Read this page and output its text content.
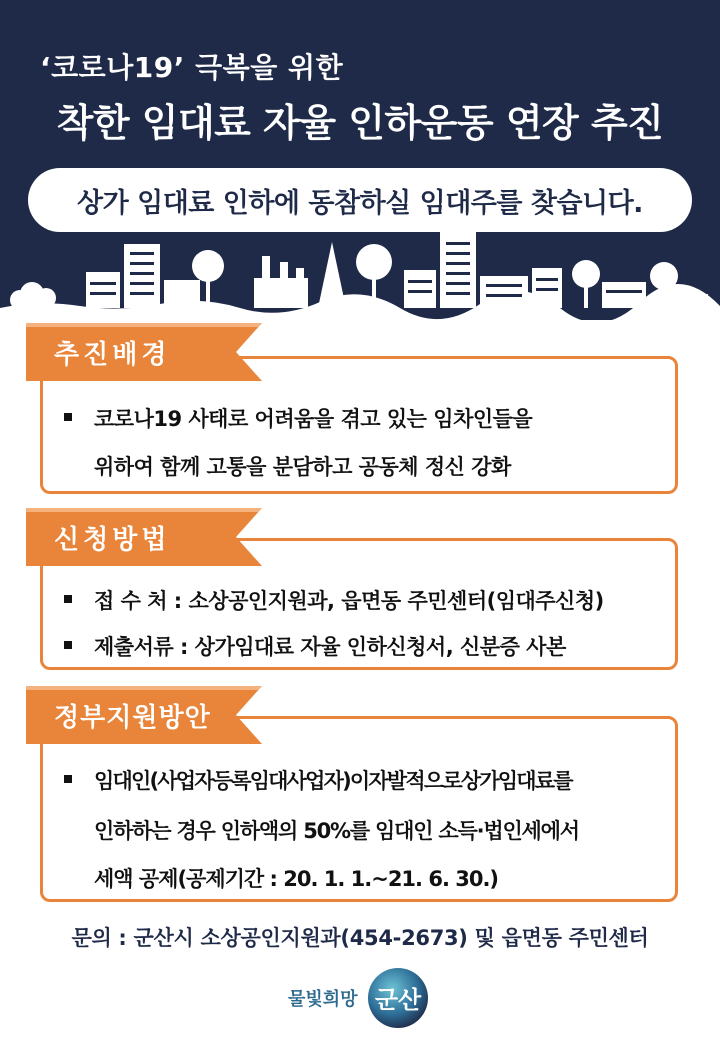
‘코로나19’ 극복을 위한
착한 임대료 자율 인하운동 연장 추진
상가 임대료 인하에 동참하실 임대주를 찾습니다.
추진배경
코로나19 사태로 어려움을 겪고 있는 임차인들을
위하여 함께 고통을 분담하고 공동체 정신 강화
신청방법
접 수 처 : 소상공인지원과, 읍면동 주민센터(임대주신청)
제출서류 : 상가임대료 자율 인하신청서, 신분증 사본
정부지원방안
임대인(사업자등록임대사업자)이자발적으로상가임대료를
인하하는 경우 인하액의 50%를 임대인 소득·법인세에서
세액 공제(공제기간 : 20. 1. 1.~21. 6. 30.)
문의 : 군산시 소상공인지원과(454-2673) 및 읍면동 주민센터
물빛희망 군산
